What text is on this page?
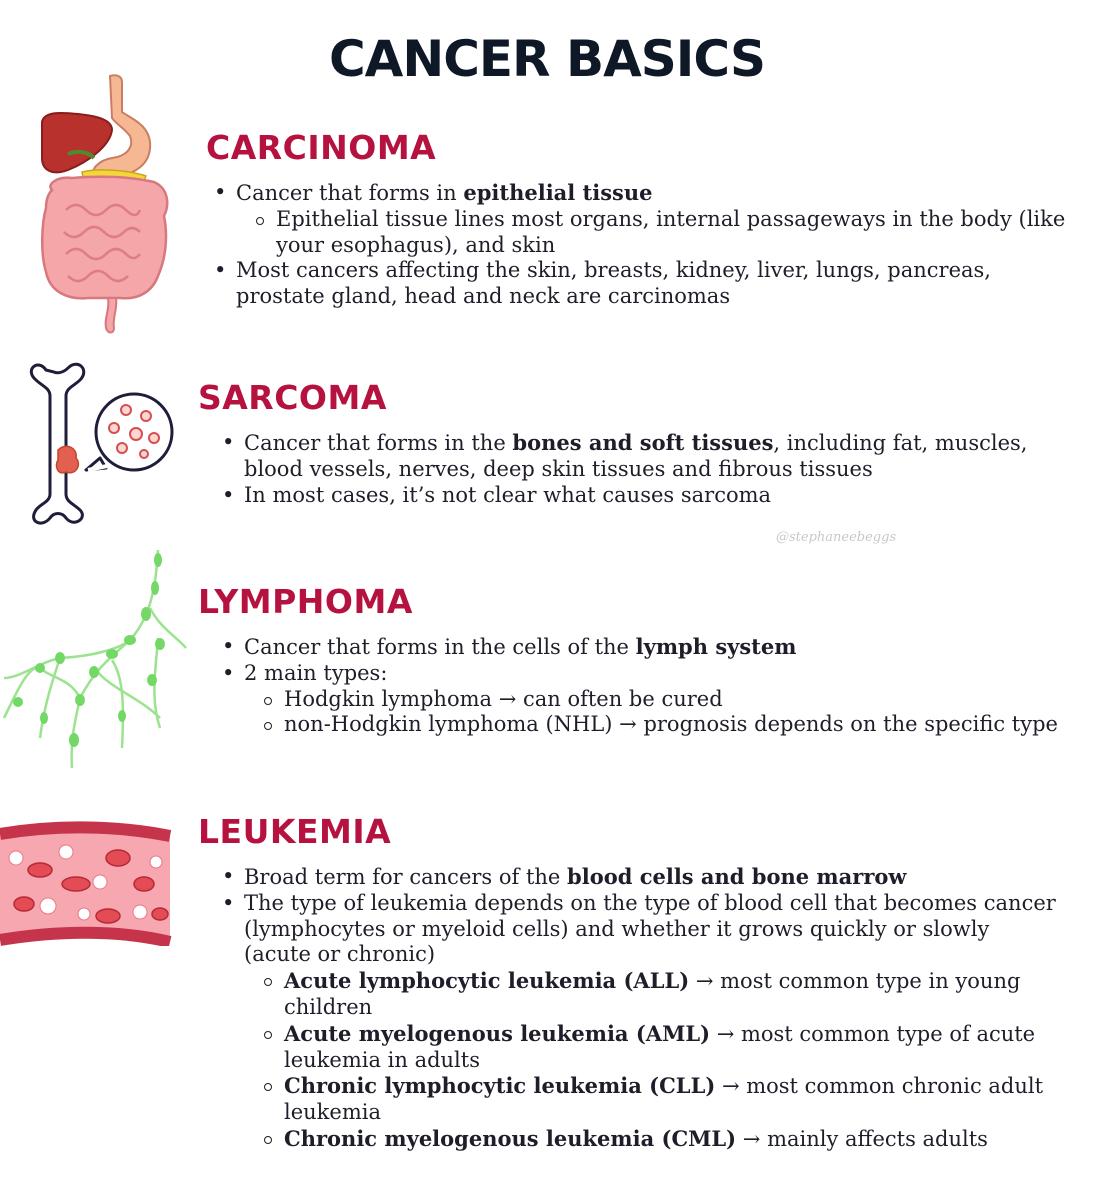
CANCER BASICS
CARCINOMA
SARCOMA
LYMPHOMA
LEUKEMIA
• Cancer that forms in epithelial tissue
Epithelial tissue lines most organs, internal passageways in the body (like your esophagus), and skin
• Most cancers affecting the skin, breasts, kidney, liver, lungs, pancreas, prostate gland, head and neck are carcinomas
• Cancer that forms in the bones and soft tissues, including fat, muscles, blood vessels, nerves, deep skin tissues and fibrous tissues
• In most cases, it’s not clear what causes sarcoma
• Cancer that forms in the cells of the lymph system
• 2 main types:
Hodgkin lymphoma → can often be cured
non-Hodgkin lymphoma (NHL) → prognosis depends on the specific type
• Broad term for cancers of the blood cells and bone marrow
• The type of leukemia depends on the type of blood cell that becomes cancer (lymphocytes or myeloid cells) and whether it grows quickly or slowly (acute or chronic)
Acute lymphocytic leukemia (ALL) → most common type in young children
Acute myelogenous leukemia (AML) → most common type of acute leukemia in adults
Chronic lymphocytic leukemia (CLL) → most common chronic adult leukemia
Chronic myelogenous leukemia (CML) → mainly affects adults
@stephaneebeggs
